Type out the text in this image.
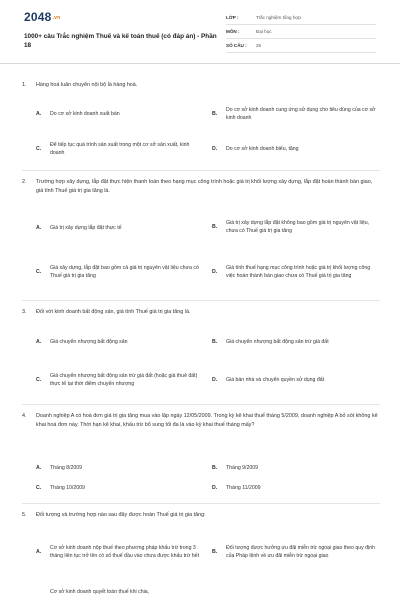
2048.vn
1000+ câu Trắc nghiệm Thuế và kế toán thuế (có đáp án) - Phần 18
LỚP :	Trắc nghiệm tổng hợp
MÔN :	Đại học
SỐ CÂU :	25
1.	Hàng hoá luân chuyển nội bộ là hàng hoá.
A.	Do cơ sở kinh doanh xuất bán	B.
Do cơ sở kinh doanh cung ứng sử dụng cho tiêu dùng của cơ sở kinh doanh
C.
Để tiếp tục quá trình sản xuất trong một cơ sở sản xuất, kinh doanh
D.	Do cơ sở kinh doanh biếu, tặng
2.	Trường hợp xây dựng, lắp đặt thực hiện thanh toán theo hạng mục công trình hoặc giá trị khối lượng xây dựng, lắp đặt hoàn thành bàn giao, giá tính Thuế giá trị gia tăng là.
A.	Giá trị xây dựng lắp đặt thực tế	B.
Giá trị xây dựng lắp đặt không bao gồm giá trị nguyên vật liệu, chưa có Thuế giá trị gia tăng
C.
Giá xây dựng, lắp đặt bao gồm cả giá trị nguyên vật liệu chưa có Thuế giá trị gia tăng
D.
Giá tính thuế hạng mục công trình hoặc giá trị khối lượng công việc hoàn thành bàn giao chưa có Thuế giá trị gia tăng
3.	Đối với kinh doanh bất động sản, giá tính Thuế giá trị gia tăng là.
A.	Giá chuyển nhượng bất động sản	B.	Giá chuyển nhượng bất động sản trừ giá đất
C.
Giá chuyển nhượng bất động sản trừ giá đất (hoặc giá thuê đất) thực tế tại thời điểm chuyển nhượng
D.	Giá bán nhà và chuyển quyền sử dụng đất
4.	Doanh nghiệp A có hoá đơn giá trị gia tăng mua vào lập ngày 12/05/2009. Trong kỳ kê khai thuế tháng 5/2009, doanh nghiệp A bỏ sót không kê khai hoá đơn này. Thời hạn kê khai, khấu trừ bổ sung tối đa là vào kỳ khai thuế tháng mấy?
A.	Tháng 8/2009	B.	Tháng 9/2009
C.	Tháng 10/2009	D.	Tháng 11/2009
5.	Đối tượng và trường hợp nào sau đây được hoàn Thuế giá trị gia tăng:
A.
Cơ sở kinh doanh nộp thuế theo phương pháp khấu trừ trong 3 tháng liên tục trở lên có số thuế đầu vào chưa được khấu trừ hết
B.
Đối tượng được hưởng ưu đãi miễn trừ ngoại giao theo quy định của Pháp lệnh về ưu đãi miễn trừ ngoại giao
Cơ sở kinh doanh quyết toán thuế khi chia,
